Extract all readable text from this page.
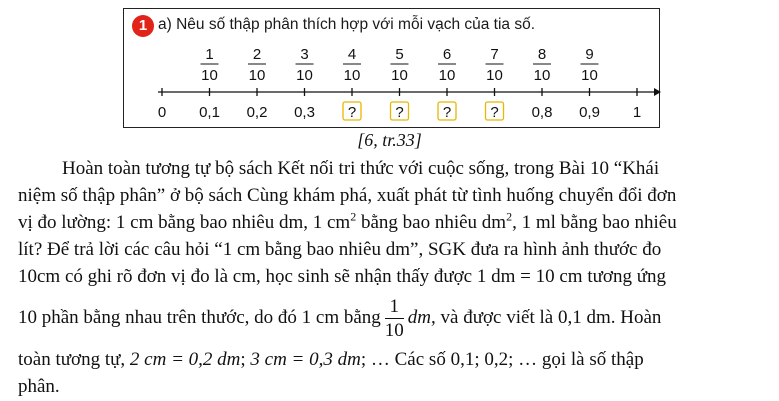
1 a) Nêu số thập phân thích hợp với mỗi vạch của tia số.
0 0,1 0,2 0,3 ?	?	?	? 0,8 0,9 1
1
10
2
10
3
10
4
10
5
10
6
10
7
10
8
10
9
10
[6, tr.33]
Hoàn toàn tương tự bộ sách Kết nối tri thức với cuộc sống, trong Bài 10 “Khái
niệm số thập phân” ở bộ sách Cùng khám phá, xuất phát từ tình huống chuyển đổi đơn
vị đo lường: 1 cm bằng bao nhiêu dm, 1 $cm^2$ bằng bao nhiêu $dm^2$, 1 ml bằng bao nhiêu
lít? Để trả lời các câu hỏi “1 cm bằng bao nhiêu dm”, SGK đưa ra hình ảnh thước đo
10cm có ghi rõ đơn vị đo là cm, học sinh sẽ nhận thấy được 1 dm = 10 cm tương ứng
10 phần bằng nhau trên thước, do đó 1 cm bằng $\frac{1}{10}$ dm, và được viết là 0,1 dm. Hoàn
toàn tương tự, 2 cm = 0,2 dm; 3 cm = 0,3 dm; … Các số 0,1; 0,2; … gọi là số thập
phân.
